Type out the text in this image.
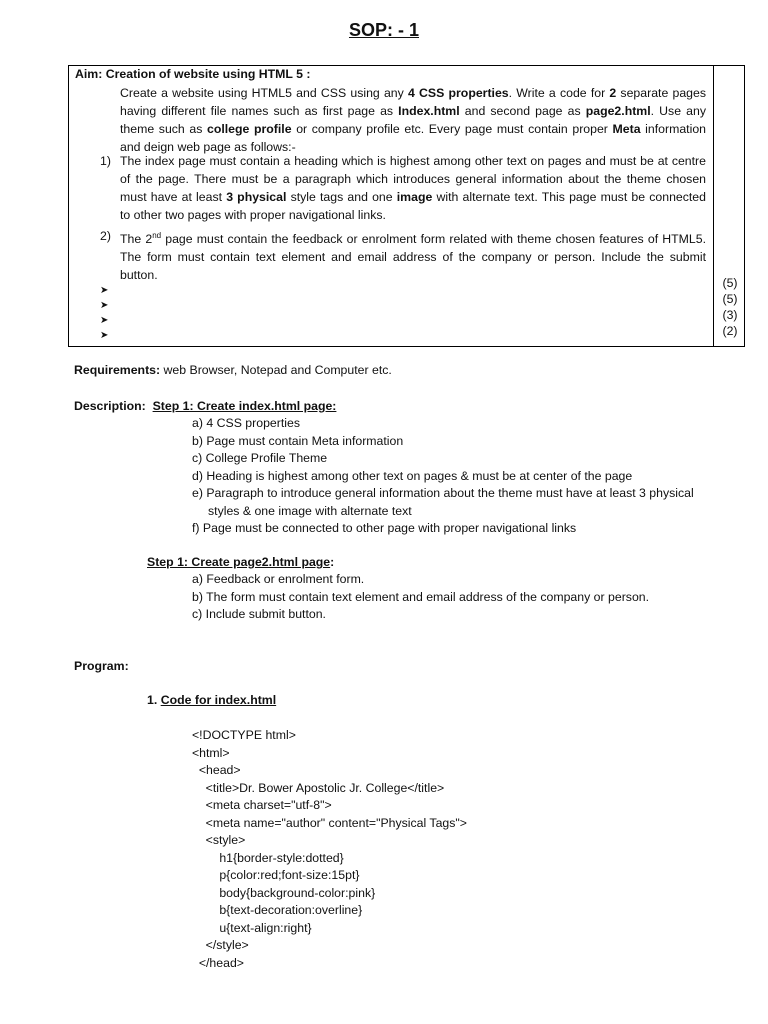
SOP: - 1
Aim: Creation of website using HTML 5 :
Create a website using HTML5 and CSS using any 4 CSS properties. Write a code for 2 separate pages having different file names such as first page as Index.html and second page as page2.html. Use any theme such as college profile or company profile etc. Every page must contain proper Meta information and deign web page as follows:-
1) The index page must contain a heading which is highest among other text on pages and must be at centre of the page. There must be a paragraph which introduces general information about the theme chosen must have at least 3 physical style tags and one image with alternate text. This page must be connected to other two pages with proper navigational links.
2) The 2nd page must contain the feedback or enrolment form related with theme chosen features of HTML5. The form must contain text element and email address of the company or person. Include the submit button.
➤
➤
➤
➤
(5)
(5)
(3)
(2)
Requirements: web Browser, Notepad and Computer etc.
Description: Step 1: Create index.html page:
a) 4 CSS properties
b) Page must contain Meta information
c) College Profile Theme
d) Heading is highest among other text on pages & must be at center of the page
e) Paragraph to introduce general information about the theme must have at least 3 physical
styles & one image with alternate text
f) Page must be connected to other page with proper navigational links
Step 1: Create page2.html page:
a) Feedback or enrolment form.
b) The form must contain text element and email address of the company or person.
c) Include submit button.
Program:
1. Code for index.html
<!DOCTYPE html>
<html>
<head>
<title>Dr. Bower Apostolic Jr. College</title>
<meta charset="utf-8">
<meta name="author" content="Physical Tags">
<style>
h1{border-style:dotted}
p{color:red;font-size:15pt}
body{background-color:pink}
b{text-decoration:overline}
u{text-align:right}
</style>
</head>
